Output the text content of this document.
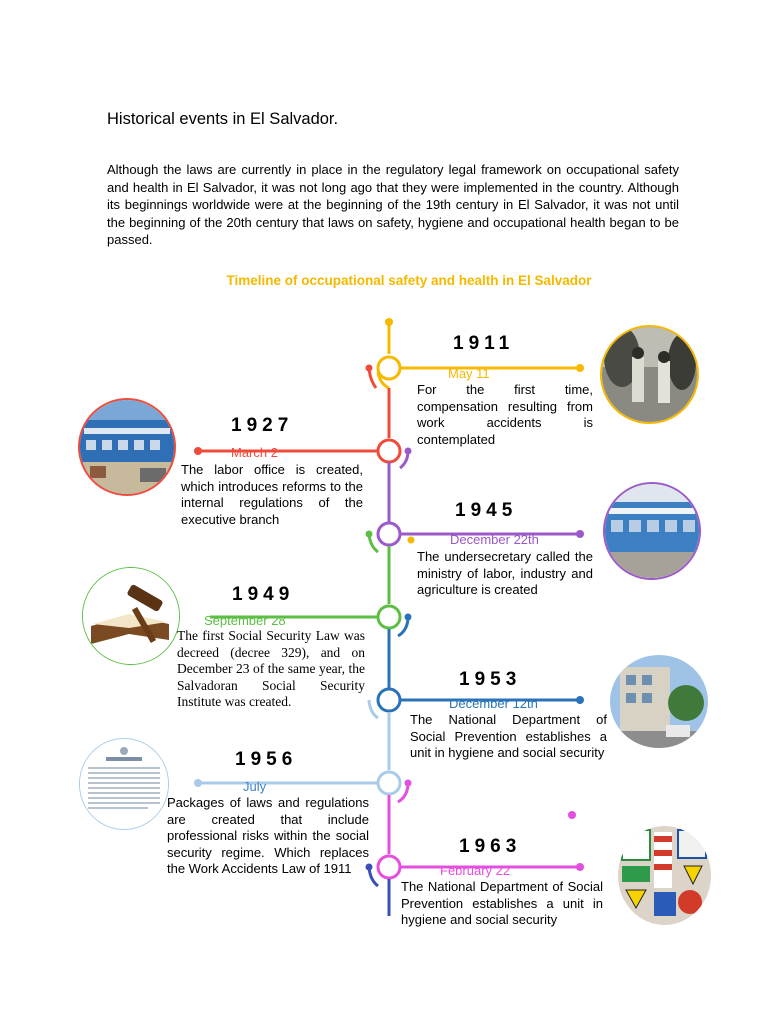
Historical events in El Salvador.
Although the laws are currently in place in the regulatory legal framework on occupational safety and health in El Salvador, it was not long ago that they were implemented in the country. Although its beginnings worldwide were at the beginning of the 19th century in El Salvador, it was not until the beginning of the 20th century that laws on safety, hygiene and occupational health began to be passed.
Timeline of occupational safety and health in El Salvador
1911
May 11
For the first time, compensation resulting from work accidents is contemplated
1927
March 2
The labor office is created, which introduces reforms to the internal regulations of the executive branch	1945
December 22th
The undersecretary called the ministry of labor, industry and agriculture is created
1949
September 28
The first Social Security Law was decreed (decree 329), and on December 23 of the same year, the Salvadoran Social Security Institute was created.
1953
December 12th
The National Department of Social Prevention establishes a unit in hygiene and social security
1956
July
Packages of laws and regulations are created that include professional risks within the social security regime. Which replaces the Work Accidents Law of 1911
1963
February 22
The National Department of Social Prevention establishes a unit in hygiene and social security
